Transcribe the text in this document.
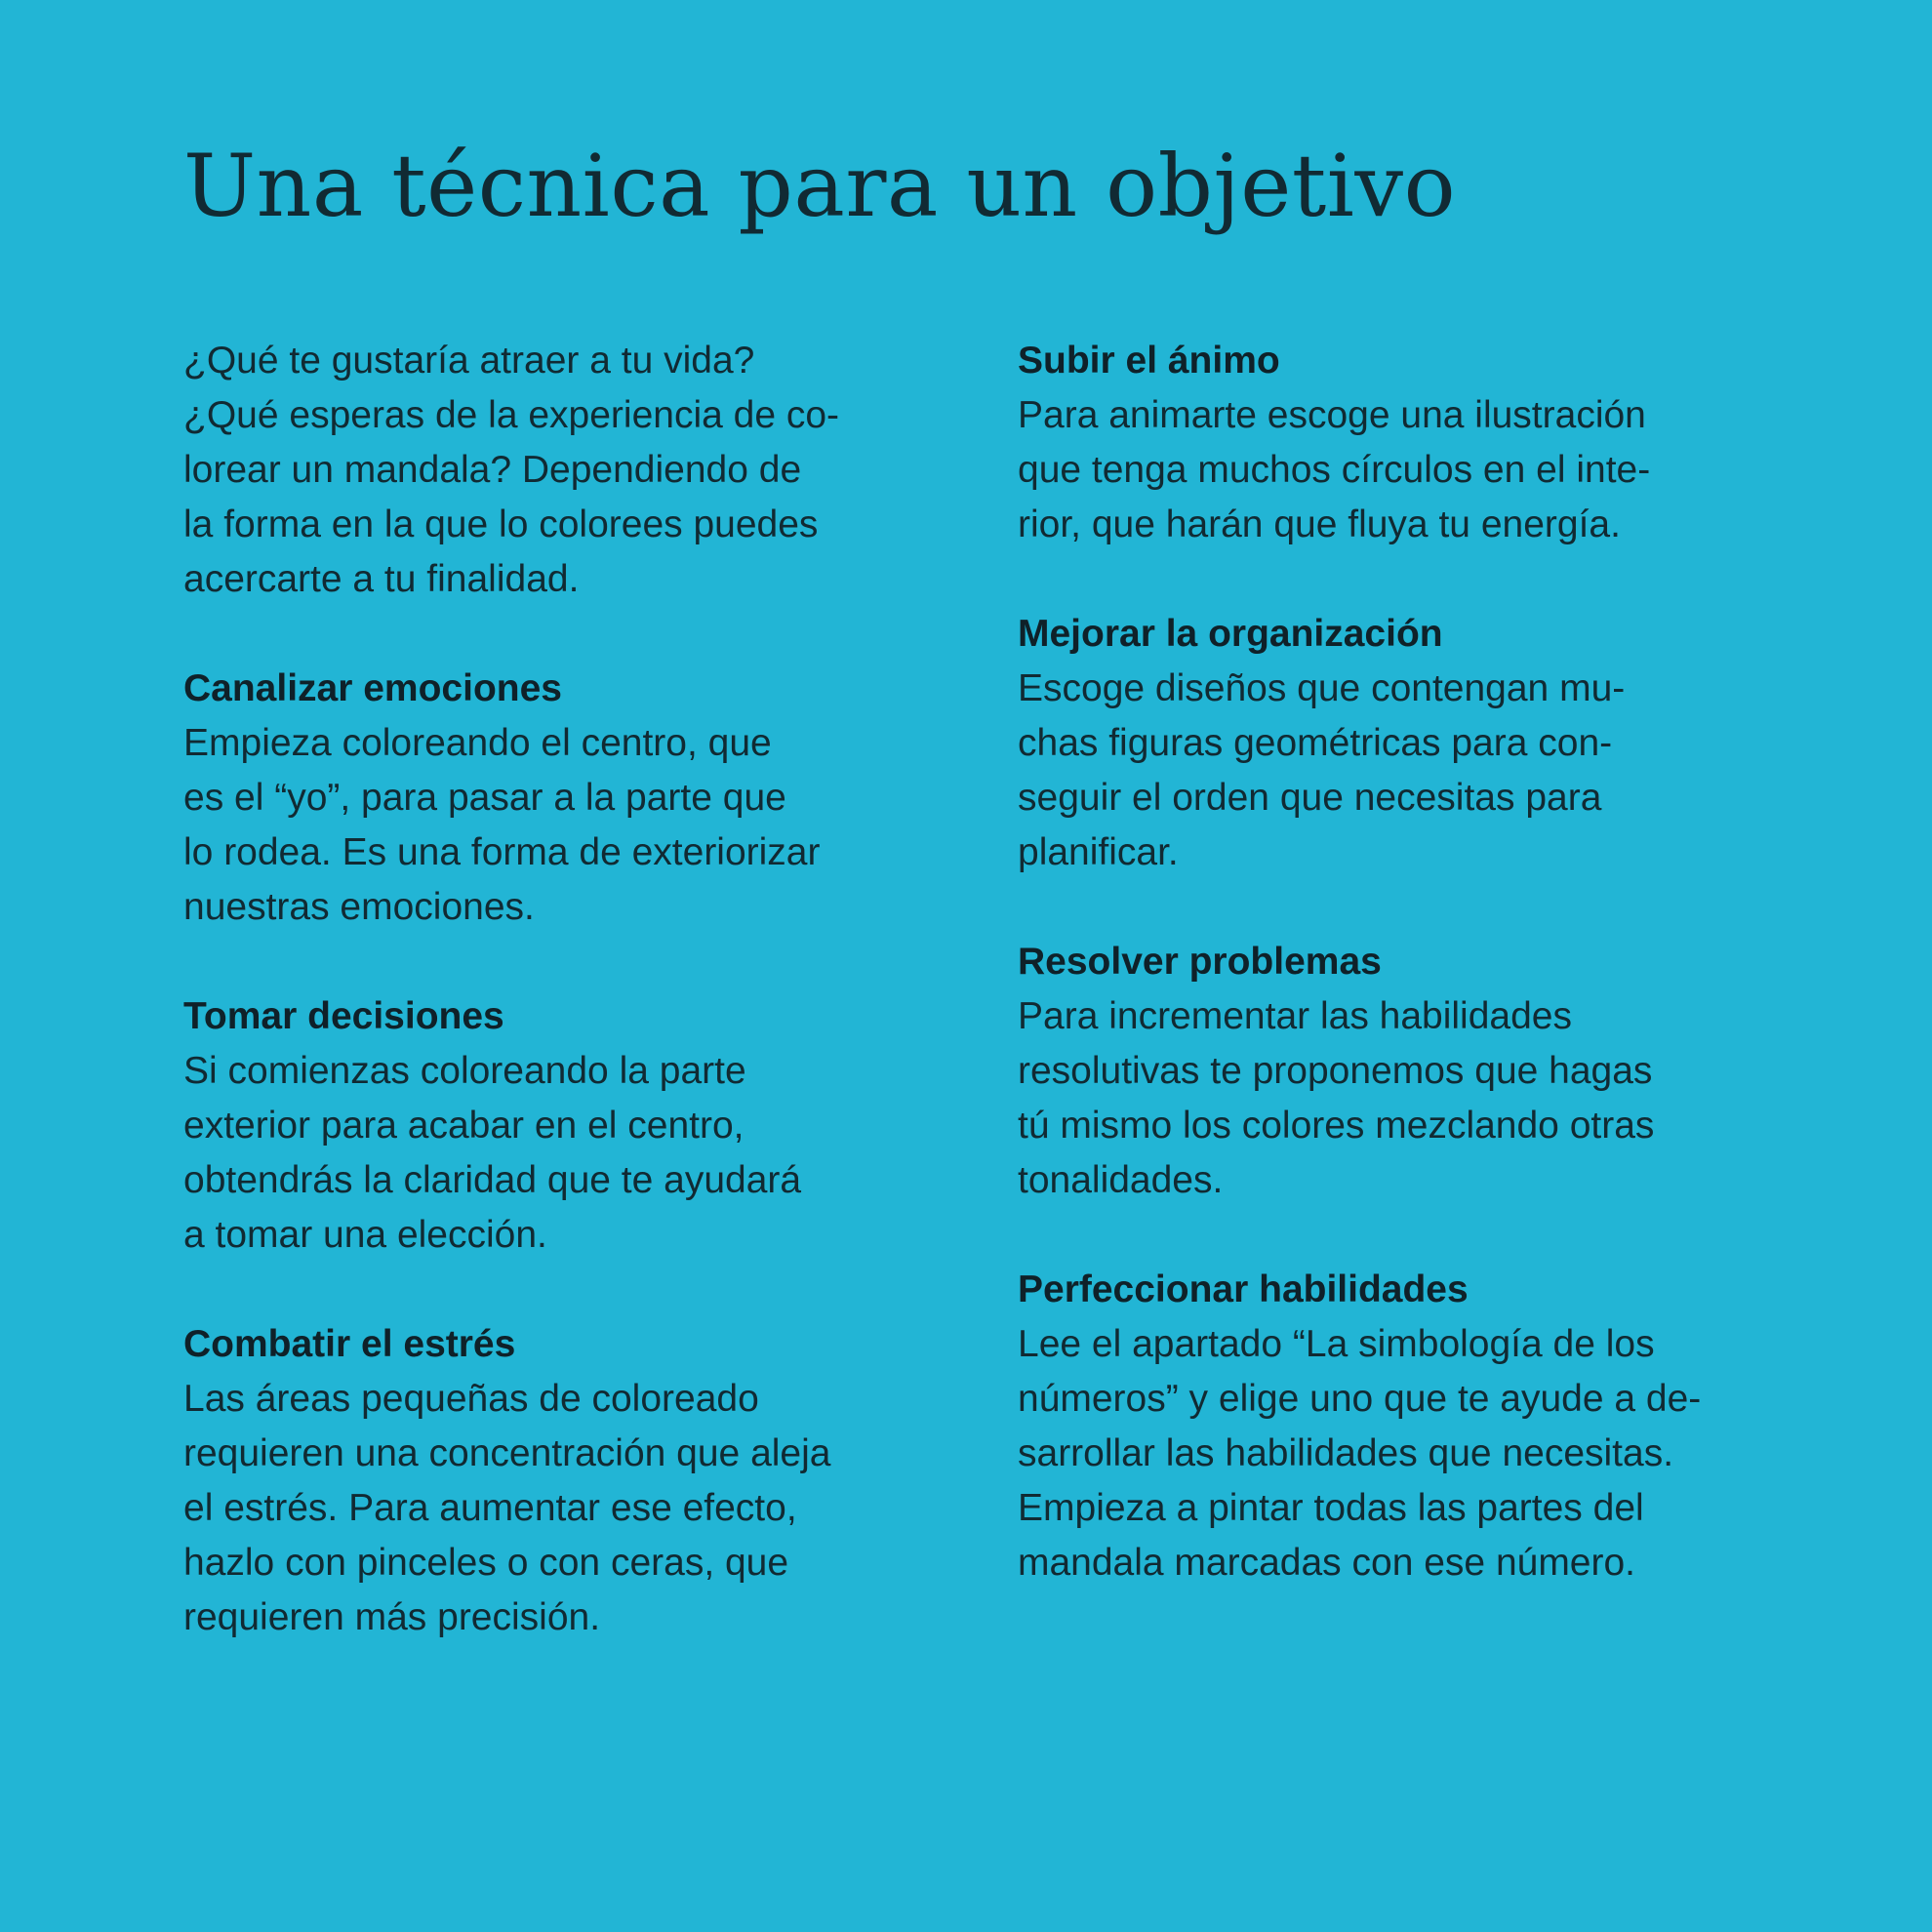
Una técnica para un objetivo

¿Qué te gustaría atraer a tu vida?
¿Qué esperas de la experiencia de co-
lorear un mandala? Dependiendo de
la forma en la que lo colorees puedes
acercarte a tu finalidad.

Canalizar emociones

Empieza coloreando el centro, que
es el “yo”, para pasar a la parte que
lo rodea. Es una forma de exteriorizar
nuestras emociones.

Tomar decisiones

Si comienzas coloreando la parte
exterior para acabar en el centro,
obtendrás la claridad que te ayudará
a tomar una elección.

Combatir el estrés

Las áreas pequeñas de coloreado
requieren una concentración que aleja
el estrés. Para aumentar ese efecto,
hazlo con pinceles o con ceras, que
requieren más precisión.

Subir el ánimo

Para animarte escoge una ilustración
que tenga muchos círculos en el inte-
rior, que harán que fluya tu energía.

Mejorar la organización

Escoge diseños que contengan mu-
chas figuras geométricas para con-
seguir el orden que necesitas para
planificar.

Resolver problemas

Para incrementar las habilidades
resolutivas te proponemos que hagas
tú mismo los colores mezclando otras
tonalidades.

Perfeccionar habilidades

Lee el apartado “La simbología de los
números” y elige uno que te ayude a de-
sarrollar las habilidades que necesitas.
Empieza a pintar todas las partes del
mandala marcadas con ese número.
